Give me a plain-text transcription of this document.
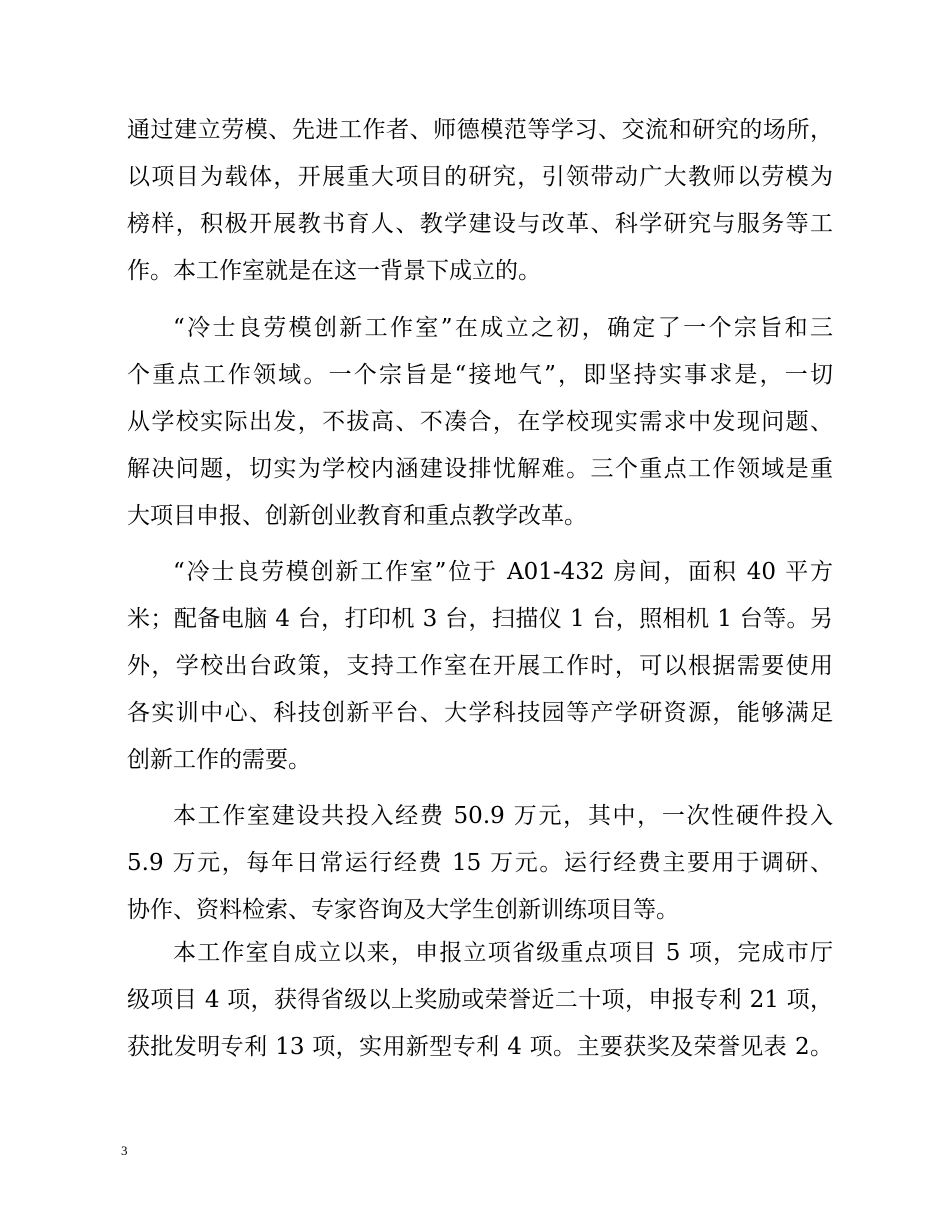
通过建立劳模、先进工作者、师德模范等学习、交流和研究的场所，
以项目为载体，开展重大项目的研究，引领带动广大教师以劳模为
榜样，积极开展教书育人、教学建设与改革、科学研究与服务等工
作。本工作室就是在这一背景下成立的。
“冷士良劳模创新工作室”在成立之初，确定了一个宗旨和三
个重点工作领域。一个宗旨是“接地气”，即坚持实事求是，一切
从学校实际出发，不拔高、不凑合，在学校现实需求中发现问题、
解决问题，切实为学校内涵建设排忧解难。三个重点工作领域是重
大项目申报、创新创业教育和重点教学改革。
“冷士良劳模创新工作室”位于 A01-432 房间，面积 40 平方
米；配备电脑 4 台，打印机 3 台，扫描仪 1 台，照相机 1 台等。另
外，学校出台政策，支持工作室在开展工作时，可以根据需要使用
各实训中心、科技创新平台、大学科技园等产学研资源，能够满足
创新工作的需要。
本工作室建设共投入经费 50.9 万元，其中，一次性硬件投入
5.9 万元，每年日常运行经费 15 万元。运行经费主要用于调研、
协作、资料检索、专家咨询及大学生创新训练项目等。
本工作室自成立以来，申报立项省级重点项目 5 项，完成市厅
级项目 4 项，获得省级以上奖励或荣誉近二十项，申报专利 21 项，
获批发明专利 13 项，实用新型专利 4 项。主要获奖及荣誉见表 2。
3
